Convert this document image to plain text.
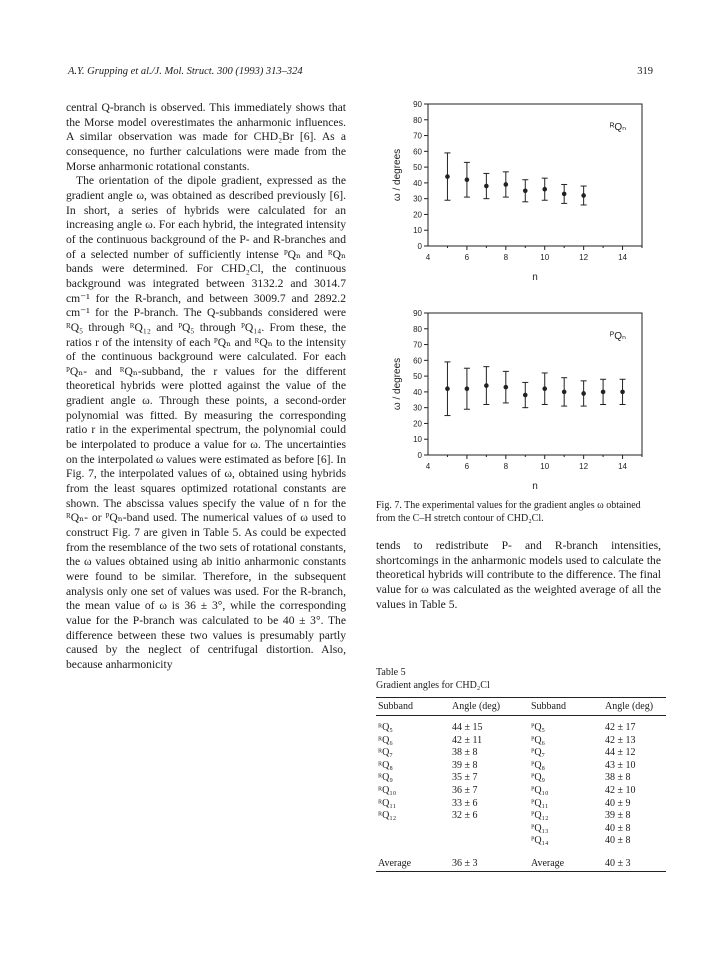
A.Y. Grupping et al./J. Mol. Struct. 300 (1993) 313–324	319

central Q-branch is observed. This immediately shows that the Morse model overestimates the anharmonic influences. A similar observation was made for CHD₂Br [6]. As a consequence, no further calculations were made from the Morse anharmonic rotational constants.

The orientation of the dipole gradient, expressed as the gradient angle ω, was obtained as described previously [6]. In short, a series of hybrids were calculated for an increasing angle ω. For each hybrid, the integrated intensity of the continuous background of the P- and R-branches and of a selected number of sufficiently intense ᴾQₙ and ᴿQₙ bands were determined. For CHD₂Cl, the continuous background was integrated between 3132.2 and 3014.7 cm⁻¹ for the R-branch, and between 3009.7 and 2892.2 cm⁻¹ for the P-branch. The Q-subbands considered were ᴿQ₅ through ᴿQ₁₂ and ᴾQ₅ through ᴾQ₁₄. From these, the ratios r of the intensity of each ᴾQₙ and ᴿQₙ to the intensity of the continuous background were calculated. For each ᴾQₙ- and ᴿQₙ-subband, the r values for the different theoretical hybrids were plotted against the value of the gradient angle ω. Through these points, a second-order polynomial was fitted. By measuring the corresponding ratio r in the experimental spectrum, the polynomial could be interpolated to produce a value for ω. The uncertainties on the interpolated ω values were estimated as before [6]. In Fig. 7, the interpolated values of ω, obtained using hybrids from the least squares optimized rotational constants are shown. The abscissa values specify the value of n for the ᴿQₙ- or ᴾQₙ-band used. The numerical values of ω used to construct Fig. 7 are given in Table 5. As could be expected from the resemblance of the two sets of rotational constants, the ω values obtained using ab initio anharmonic constants were found to be similar. Therefore, in the subsequent analysis only one set of values was used. For the R-branch, the mean value of ω is 36 ± 3°, while the corresponding value for the P-branch was calculated to be 40 ± 3°. The difference between these two values is presumably partly caused by the neglect of centrifugal distortion. Also, because anharmonicity

0
10
20
30
40
50
60
70
80
90
4	6	8	10	12	14
ω / degrees
n
ᴿQₙ
0
10
20
30
40
50
60
70
80
90
4	6	8	10	12	14
ω / degrees
n
ᴾQₙ
Fig. 7. The experimental values for the gradient angles ω obtained from the C–H stretch contour of CHD₂Cl.

tends to redistribute P- and R-branch intensities, shortcomings in the anharmonic models used to calculate the theoretical hybrids will contribute to the difference. The final value for ω was calculated as the weighted average of all the values in Table 5.

Table 5
Gradient angles for CHD₂Cl
Subband	Angle (deg)	Subband	Angle (deg)
ᴿQ₅	44 ± 15	ᴾQ₅	42 ± 17
ᴿQ₆	42 ± 11	ᴾQ₆	42 ± 13
ᴿQ₇	38 ± 8	ᴾQ₇	44 ± 12
ᴿQ₈	39 ± 8	ᴾQ₈	43 ± 10
ᴿQ₉	35 ± 7	ᴾQ₉	38 ± 8
ᴿQ₁₀	36 ± 7	ᴾQ₁₀	42 ± 10
ᴿQ₁₁	33 ± 6	ᴾQ₁₁	40 ± 9
ᴿQ₁₂	32 ± 6	ᴾQ₁₂	39 ± 8
		ᴾQ₁₃	40 ± 8
		ᴾQ₁₄	40 ± 8
Average	36 ± 3	Average	40 ± 3
